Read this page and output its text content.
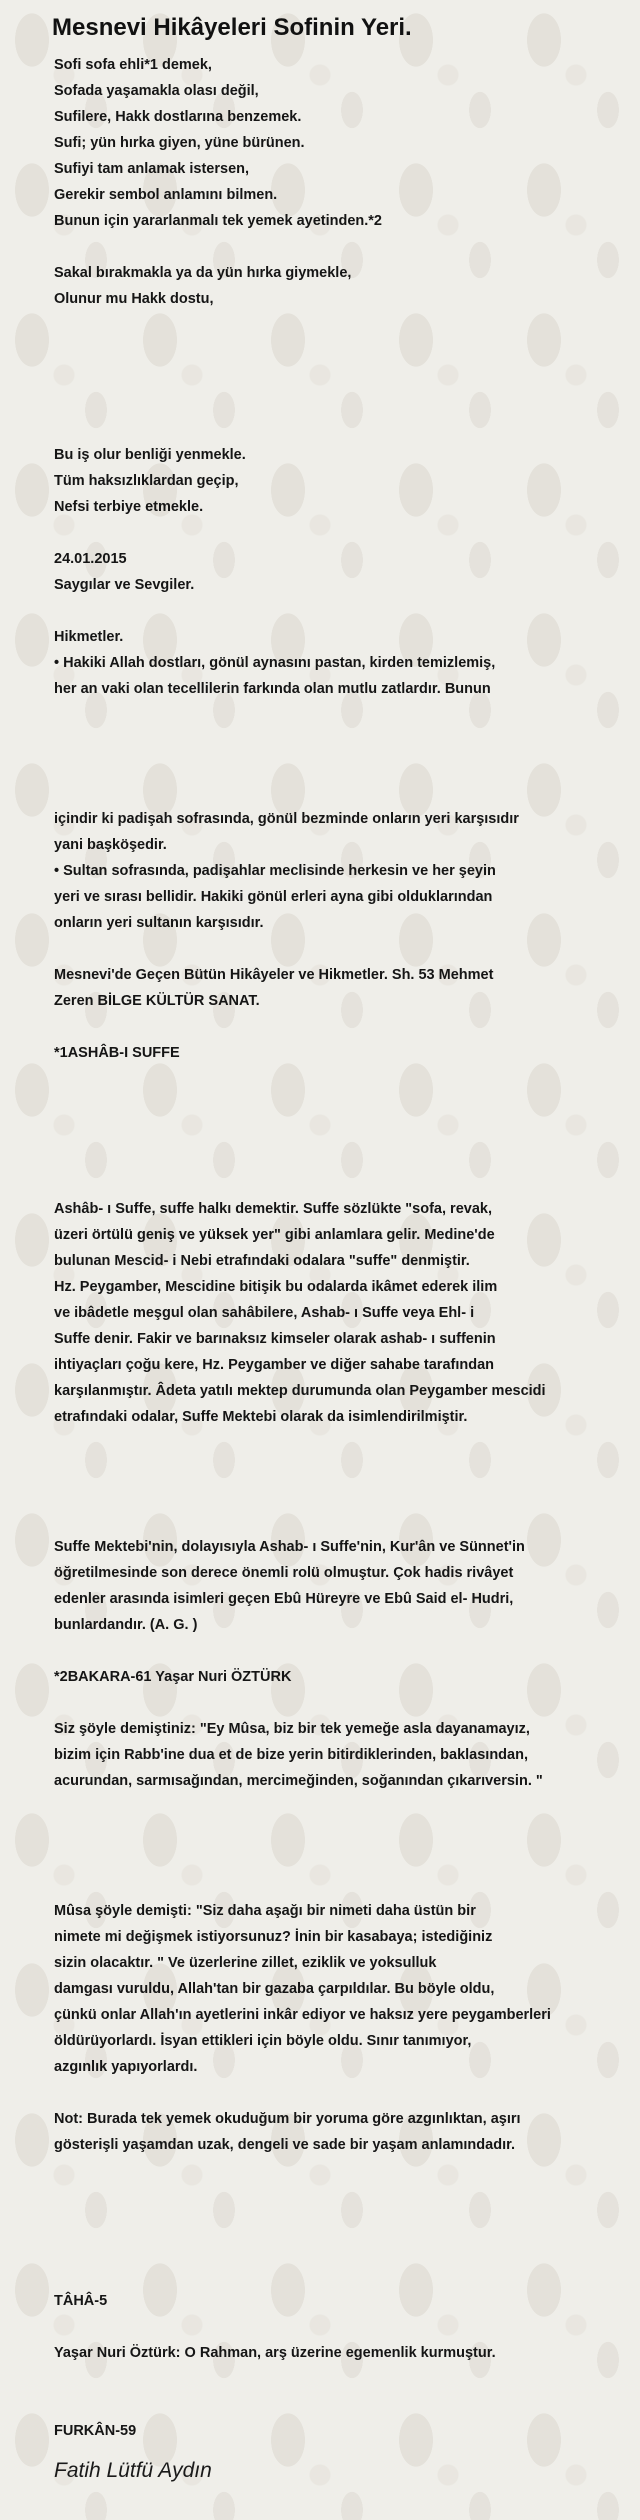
Mesnevi Hikâyeleri Sofinin Yeri.
Sofi sofa ehli*1 demek,
Sofada yaşamakla olası değil,
Sufilere, Hakk dostlarına benzemek.
Sufi; yün hırka giyen, yüne bürünen.
Sufiyi tam anlamak istersen,
Gerekir sembol anlamını bilmen.
Bunun için yararlanmalı tek yemek ayetinden.*2
Sakal bırakmakla ya da yün hırka giymekle,
Olunur mu Hakk dostu,
Bu iş olur benliği yenmekle.
Tüm haksızlıklardan geçip,
Nefsi terbiye etmekle.
24.01.2015
Saygılar ve Sevgiler.
Hikmetler.
• Hakiki Allah dostları, gönül aynasını pastan, kirden temizlemiş,
her an vaki olan tecellilerin farkında olan mutlu zatlardır. Bunun
içindir ki padişah sofrasında, gönül bezminde onların yeri karşısıdır
yani başköşedir.
• Sultan sofrasında, padişahlar meclisinde herkesin ve her şeyin
yeri ve sırası bellidir. Hakiki gönül erleri ayna gibi olduklarından
onların yeri sultanın karşısıdır.
Mesnevi'de Geçen Bütün Hikâyeler ve Hikmetler. Sh. 53 Mehmet
Zeren BİLGE KÜLTÜR SANAT.
*1ASHÂB-I SUFFE
Ashâb- ı Suffe, suffe halkı demektir. Suffe sözlükte "sofa, revak,
üzeri örtülü geniş ve yüksek yer" gibi anlamlara gelir. Medine'de
bulunan Mescid- i Nebi etrafındaki odalara "suffe" denmiştir.
Hz. Peygamber, Mescidine bitişik bu odalarda ikâmet ederek ilim
ve ibâdetle meşgul olan sahâbilere, Ashab- ı Suffe veya Ehl- i
Suffe denir. Fakir ve barınaksız kimseler olarak ashab- ı suffenin
ihtiyaçları çoğu kere, Hz. Peygamber ve diğer sahabe tarafından
karşılanmıştır. Âdeta yatılı mektep durumunda olan Peygamber mescidi
etrafındaki odalar, Suffe Mektebi olarak da isimlendirilmiştir.
Suffe Mektebi'nin, dolayısıyla Ashab- ı Suffe'nin, Kur'ân ve Sünnet'in
öğretilmesinde son derece önemli rolü olmuştur. Çok hadis rivâyet
edenler arasında isimleri geçen Ebû Hüreyre ve Ebû Said el- Hudri,
bunlardandır. (A. G. )
*2BAKARA-61 Yaşar Nuri ÖZTÜRK
Siz şöyle demiştiniz: "Ey Mûsa, biz bir tek yemeğe asla dayanamayız,
bizim için Rabb'ine dua et de bize yerin bitirdiklerinden, baklasından,
acurundan, sarmısağından, mercimeğinden, soğanından çıkarıversin. "
Mûsa şöyle demişti: "Siz daha aşağı bir nimeti daha üstün bir
nimete mi değişmek istiyorsunuz? İnin bir kasabaya; istediğiniz
sizin olacaktır. " Ve üzerlerine zillet, eziklik ve yoksulluk
damgası vuruldu, Allah'tan bir gazaba çarpıldılar. Bu böyle oldu,
çünkü onlar Allah'ın ayetlerini inkâr ediyor ve haksız yere peygamberleri
öldürüyorlardı. İsyan ettikleri için böyle oldu. Sınır tanımıyor,
azgınlık yapıyorlardı.
Not: Burada tek yemek okuduğum bir yoruma göre azgınlıktan, aşırı
gösterişli yaşamdan uzak, dengeli ve sade bir yaşam anlamındadır.
TÂHÂ-5
Yaşar Nuri Öztürk: O Rahman, arş üzerine egemenlik kurmuştur.
FURKÂN-59
Fatih Lütfü Aydın
